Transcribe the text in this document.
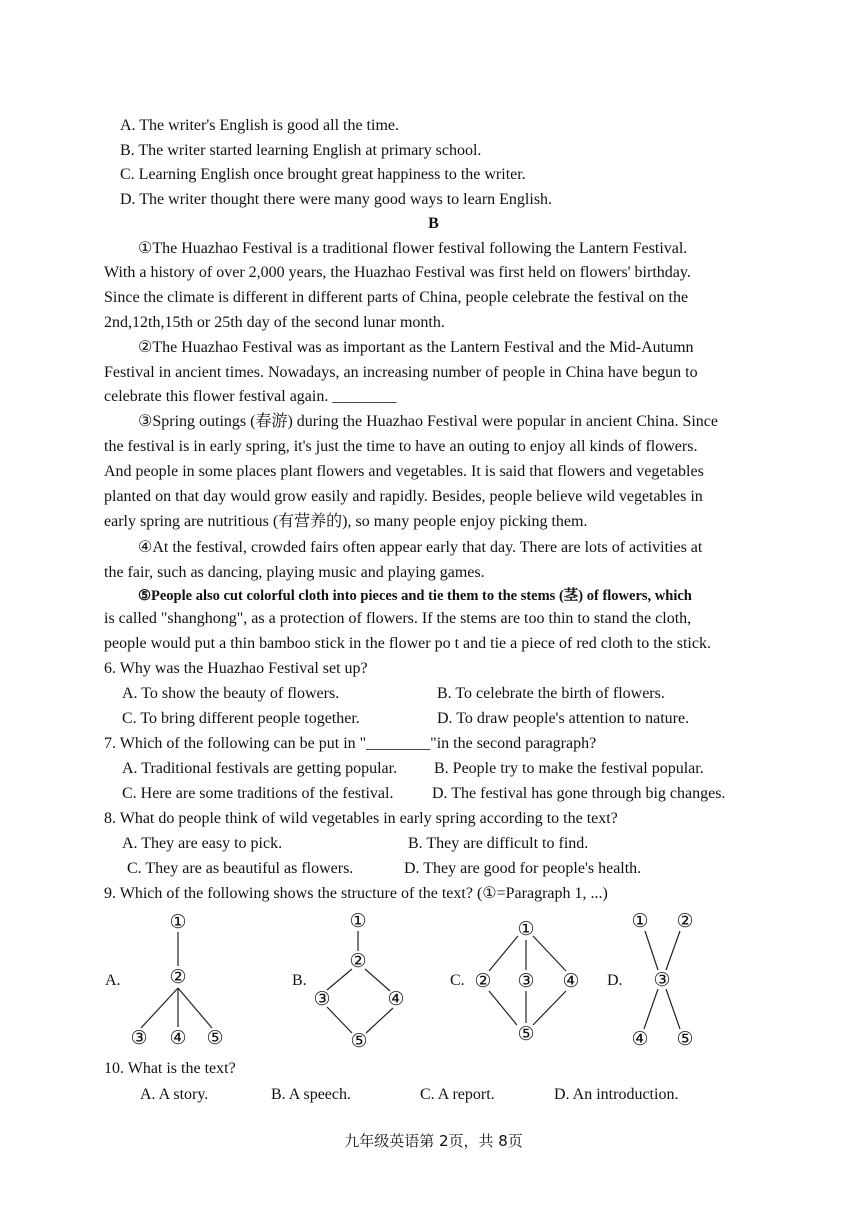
A. The writer's English is good all the time.
B. The writer started learning English at primary school.
C. Learning English once brought great happiness to the writer.
D. The writer thought there were many good ways to learn English.
B
①The Huazhao Festival is a traditional flower festival following the Lantern Festival.
With a history of over 2,000 years, the Huazhao Festival was first held on flowers' birthday.
Since the climate is different in different parts of China, people celebrate the festival on the
2nd,12th,15th or 25th day of the second lunar month.
②The Huazhao Festival was as important as the Lantern Festival and the Mid-Autumn
Festival in ancient times. Nowadays, an increasing number of people in China have begun to
celebrate this flower festival again. ________
③Spring outings (春游) during the Huazhao Festival were popular in ancient China. Since
the festival is in early spring, it's just the time to have an outing to enjoy all kinds of flowers.
And people in some places plant flowers and vegetables. It is said that flowers and vegetables
planted on that day would grow easily and rapidly. Besides, people believe wild vegetables in
early spring are nutritious (有营养的), so many people enjoy picking them.
④At the festival, crowded fairs often appear early that day. There are lots of activities at
the fair, such as dancing, playing music and playing games.
⑤People also cut colorful cloth into pieces and tie them to the stems (茎) of flowers, which
is called "shanghong", as a protection of flowers. If the stems are too thin to stand the cloth,
people would put a thin bamboo stick in the flower po t and tie a piece of red cloth to the stick.
6. Why was the Huazhao Festival set up?
A. To show the beauty of flowers.	B. To celebrate the birth of flowers.
C. To bring different people together.	D. To draw people's attention to nature.
7. Which of the following can be put in "________"in the second paragraph?
A. Traditional festivals are getting popular. B. People try to make the festival popular.
C. Here are some traditions of the festival. D. The festival has gone through big changes.
8. What do people think of wild vegetables in early spring according to the text?
A. They are easy to pick.	B. They are difficult to find.
C. They are as beautiful as flowers.	D. They are good for people's health.
9. Which of the following shows the structure of the text? (①=Paragraph 1, ...)
A.	B.	C.	D.
①
②
③ ④ ⑤
①
②
③	④
⑤
①
② ③ ④
⑤
① ②
③
④ ⑤
10. What is the text?
A. A story.	B. A speech.	C. A report.	D. An introduction.
九年级英语第 2页，共 8页
